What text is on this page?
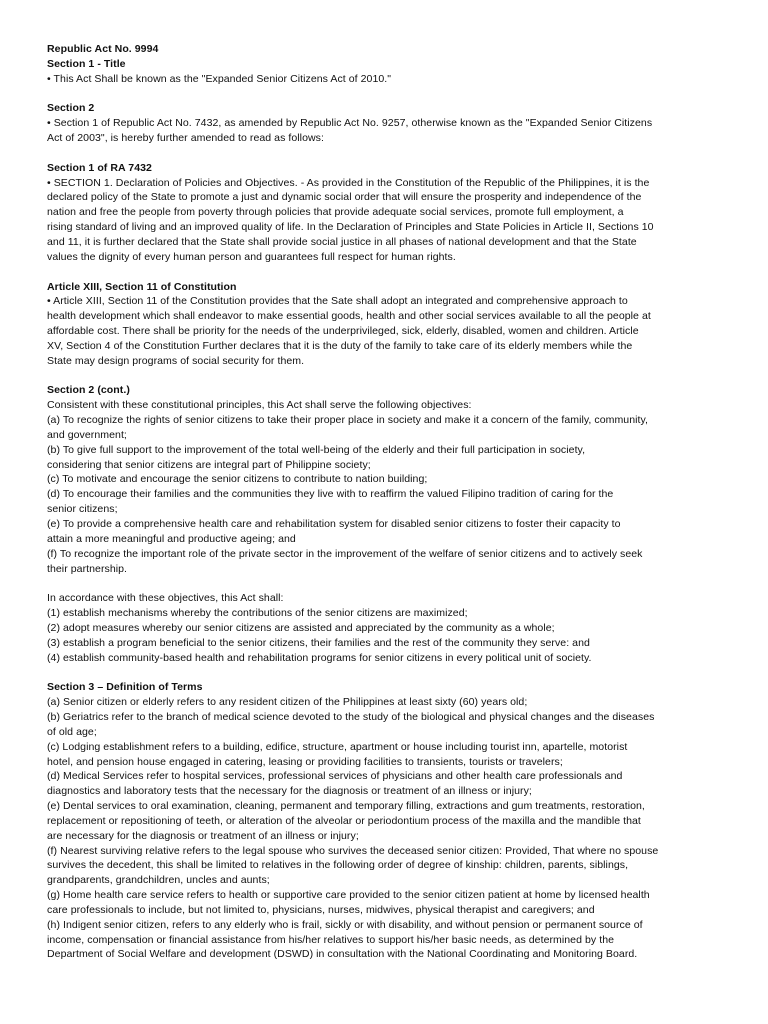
Republic Act No. 9994
Section 1 - Title
• This Act Shall be known as the "Expanded Senior Citizens Act of 2010."
Section 2
• Section 1 of Republic Act No. 7432, as amended by Republic Act No. 9257, otherwise known as the "Expanded Senior Citizens
Act of 2003", is hereby further amended to read as follows:
Section 1 of RA 7432
• SECTION 1. Declaration of Policies and Objectives. - As provided in the Constitution of the Republic of the Philippines, it is the
declared policy of the State to promote a just and dynamic social order that will ensure the prosperity and independence of the
nation and free the people from poverty through policies that provide adequate social services, promote full employment, a
rising standard of living and an improved quality of life. In the Declaration of Principles and State Policies in Article II, Sections 10
and 11, it is further declared that the State shall provide social justice in all phases of national development and that the State
values the dignity of every human person and guarantees full respect for human rights.
Article XIII, Section 11 of Constitution
• Article XIII, Section 11 of the Constitution provides that the Sate shall adopt an integrated and comprehensive approach to
health development which shall endeavor to make essential goods, health and other social services available to all the people at
affordable cost. There shall be priority for the needs of the underprivileged, sick, elderly, disabled, women and children. Article
XV, Section 4 of the Constitution Further declares that it is the duty of the family to take care of its elderly members while the
State may design programs of social security for them.
Section 2 (cont.)
Consistent with these constitutional principles, this Act shall serve the following objectives:
(a) To recognize the rights of senior citizens to take their proper place in society and make it a concern of the family, community,
and government;
(b) To give full support to the improvement of the total well-being of the elderly and their full participation in society,
considering that senior citizens are integral part of Philippine society;
(c) To motivate and encourage the senior citizens to contribute to nation building;
(d) To encourage their families and the communities they live with to reaffirm the valued Filipino tradition of caring for the
senior citizens;
(e) To provide a comprehensive health care and rehabilitation system for disabled senior citizens to foster their capacity to
attain a more meaningful and productive ageing; and
(f) To recognize the important role of the private sector in the improvement of the welfare of senior citizens and to actively seek
their partnership.
In accordance with these objectives, this Act shall:
(1) establish mechanisms whereby the contributions of the senior citizens are maximized;
(2) adopt measures whereby our senior citizens are assisted and appreciated by the community as a whole;
(3) establish a program beneficial to the senior citizens, their families and the rest of the community they serve: and
(4) establish community-based health and rehabilitation programs for senior citizens in every political unit of society.
Section 3 – Definition of Terms
(a) Senior citizen or elderly refers to any resident citizen of the Philippines at least sixty (60) years old;
(b) Geriatrics refer to the branch of medical science devoted to the study of the biological and physical changes and the diseases
of old age;
(c) Lodging establishment refers to a building, edifice, structure, apartment or house including tourist inn, apartelle, motorist
hotel, and pension house engaged in catering, leasing or providing facilities to transients, tourists or travelers;
(d) Medical Services refer to hospital services, professional services of physicians and other health care professionals and
diagnostics and laboratory tests that the necessary for the diagnosis or treatment of an illness or injury;
(e) Dental services to oral examination, cleaning, permanent and temporary filling, extractions and gum treatments, restoration,
replacement or repositioning of teeth, or alteration of the alveolar or periodontium process of the maxilla and the mandible that
are necessary for the diagnosis or treatment of an illness or injury;
(f) Nearest surviving relative refers to the legal spouse who survives the deceased senior citizen: Provided, That where no spouse
survives the decedent, this shall be limited to relatives in the following order of degree of kinship: children, parents, siblings,
grandparents, grandchildren, uncles and aunts;
(g) Home health care service refers to health or supportive care provided to the senior citizen patient at home by licensed health
care professionals to include, but not limited to, physicians, nurses, midwives, physical therapist and caregivers; and
(h) Indigent senior citizen, refers to any elderly who is frail, sickly or with disability, and without pension or permanent source of
income, compensation or financial assistance from his/her relatives to support his/her basic needs, as determined by the
Department of Social Welfare and development (DSWD) in consultation with the National Coordinating and Monitoring Board.
